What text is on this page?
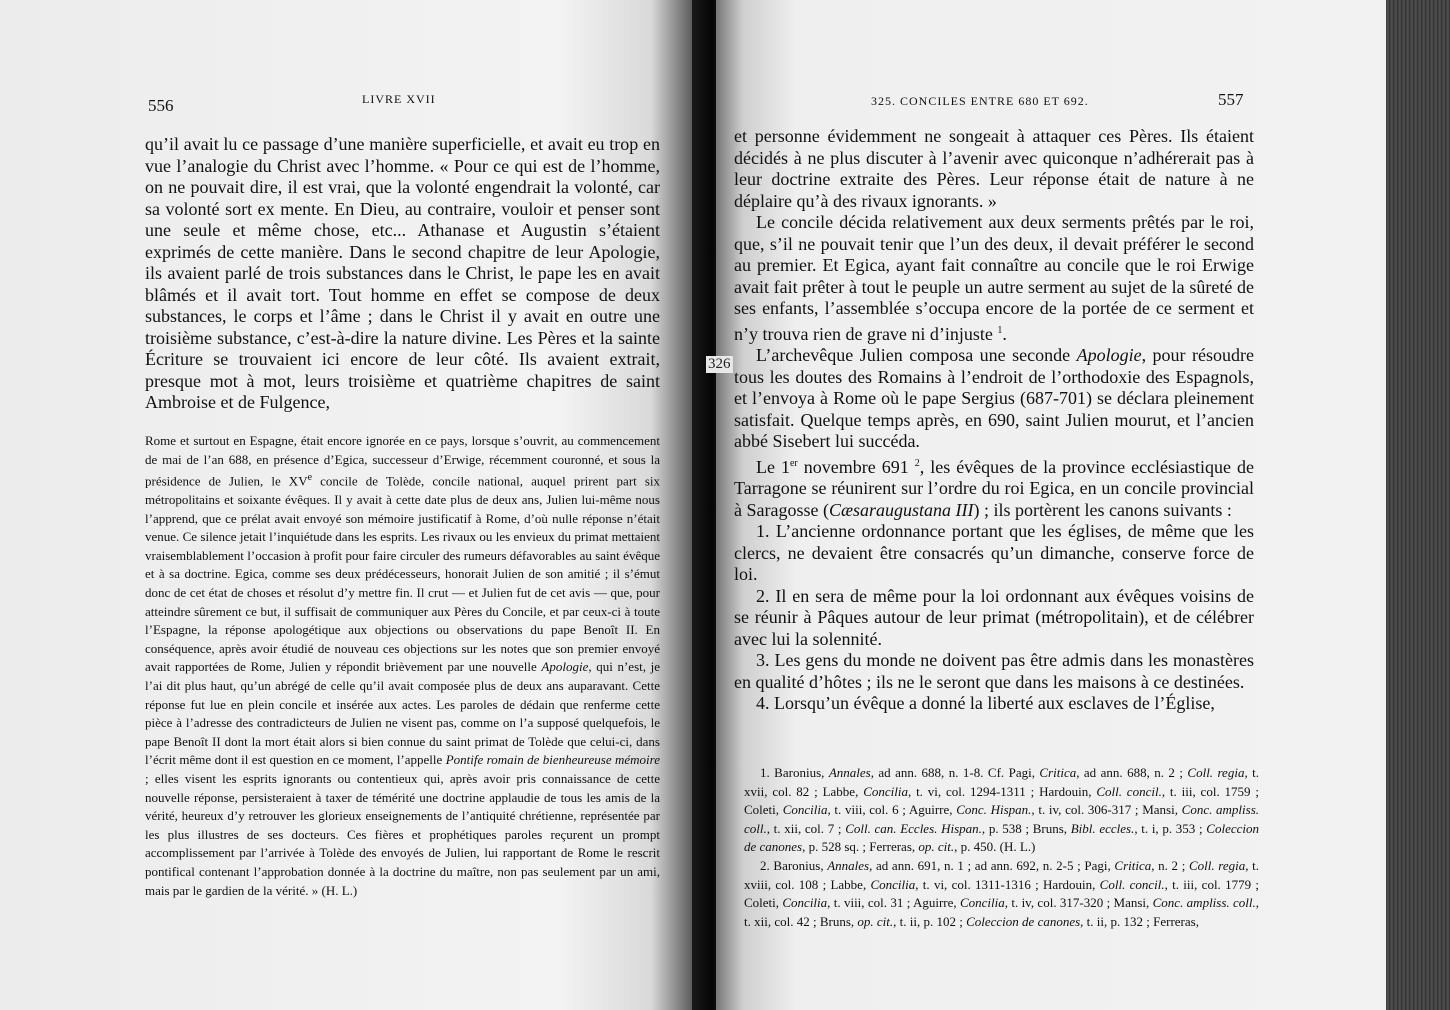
556	LIVRE XVII

qu’il avait lu ce passage d’une manière superficielle, et avait eu trop en vue l’analogie du Christ avec l’homme. « Pour ce qui est de l’homme, on ne pouvait dire, il est vrai, que la volonté engendrait la volonté, car sa volonté sort ex mente. En Dieu, au contraire, vouloir et penser sont une seule et même chose, etc... Athanase et Augustin s’étaient exprimés de cette manière. Dans le second chapitre de leur Apologie, ils avaient parlé de trois substances dans le Christ, le pape les en avait blâmés et il avait tort. Tout homme en effet se compose de deux substances, le corps et l’âme ; dans le Christ il y avait en outre une troisième substance, c’est-à-dire la nature divine. Les Pères et la sainte Écriture se trouvaient ici encore de leur côté. Ils avaient extrait, presque mot à mot, leurs troisième et quatrième chapitres de saint Ambroise et de Fulgence,

Rome et surtout en Espagne, était encore ignorée en ce pays, lorsque s’ouvrit, au commencement de mai de l’an 688, en présence d’Egica, successeur d’Erwige, récemment couronné, et sous la présidence de Julien, le XVe concile de Tolède, concile national, auquel prirent part six métropolitains et soixante évêques. Il y avait à cette date plus de deux ans, Julien lui-même nous l’apprend, que ce prélat avait envoyé son mémoire justificatif à Rome, d’où nulle réponse n’était venue. Ce silence jetait l’inquiétude dans les esprits. Les rivaux ou les envieux du primat mettaient vraisemblablement l’occasion à profit pour faire circuler des rumeurs défavorables au saint évêque et à sa doctrine. Egica, comme ses deux prédécesseurs, honorait Julien de son amitié ; il s’émut donc de cet état de choses et résolut d’y mettre fin. Il crut — et Julien fut de cet avis — que, pour atteindre sûrement ce but, il suffisait de communiquer aux Pères du Concile, et par ceux-ci à toute l’Espagne, la réponse apologétique aux objections ou observations du pape Benoît II. En conséquence, après avoir étudié de nouveau ces objections sur les notes que son premier envoyé avait rapportées de Rome, Julien y répondit brièvement par une nouvelle Apologie, qui n’est, je l’ai dit plus haut, qu’un abrégé de celle qu’il avait composée plus de deux ans auparavant. Cette réponse fut lue en plein concile et insérée aux actes. Les paroles de dédain que renferme cette pièce à l’adresse des contradicteurs de Julien ne visent pas, comme on l’a supposé quelquefois, le pape Benoît II dont la mort était alors si bien connue du saint primat de Tolède que celui-ci, dans l’écrit même dont il est question en ce moment, l’appelle Pontife romain de bienheureuse mémoire ; elles visent les esprits ignorants ou contentieux qui, après avoir pris connaissance de cette nouvelle réponse, persisteraient à taxer de témérité une doctrine applaudie de tous les amis de la vérité, heureux d’y retrouver les glorieux enseignements de l’antiquité chrétienne, représentée par les plus illustres de ses docteurs. Ces fières et prophétiques paroles reçurent un prompt accomplissement par l’arrivée à Tolède des envoyés de Julien, lui rapportant de Rome le rescrit pontifical contenant l’approbation donnée à la doctrine du maître, non pas seulement par un ami, mais par le gardien de la vérité. » (H. L.)

325. CONCILES ENTRE 680 ET 692.	557

et personne évidemment ne songeait à attaquer ces Pères. Ils étaient décidés à ne plus discuter à l’avenir avec quiconque n’adhérerait pas à leur doctrine extraite des Pères. Leur réponse était de nature à ne déplaire qu’à des rivaux ignorants. »

Le concile décida relativement aux deux serments prêtés par le roi, que, s’il ne pouvait tenir que l’un des deux, il devait préférer le second au premier. Et Egica, ayant fait connaître au concile que le roi Erwige avait fait prêter à tout le peuple un autre serment au sujet de la sûreté de ses enfants, l’assemblée s’occupa encore de la portée de ce serment et n’y trouva rien de grave ni d’injuste $^1$.

L’archevêque Julien composa une seconde Apologie, pour résoudre tous les doutes des Romains à l’endroit de l’orthodoxie des Espagnols, et l’envoya à Rome où le pape Sergius (687-701) se déclara pleinement satisfait. Quelque temps après, en 690, saint Julien mourut, et l’ancien abbé Sisebert lui succéda.

Le 1er novembre 691 $^2$, les évêques de la province ecclésiastique de Tarragone se réunirent sur l’ordre du roi Egica, en un concile provincial à Saragosse (Cæsaraugustana III) ; ils portèrent les canons suivants :

1. L’ancienne ordonnance portant que les églises, de même que les clercs, ne devaient être consacrés qu’un dimanche, conserve force de loi.

2. Il en sera de même pour la loi ordonnant aux évêques voisins de se réunir à Pâques autour de leur primat (métropolitain), et de célébrer avec lui la solennité.

3. Les gens du monde ne doivent pas être admis dans les monastères en qualité d’hôtes ; ils ne le seront que dans les maisons à ce destinées.

4. Lorsqu’un évêque a donné la liberté aux esclaves de l’Église,

1. Baronius, Annales, ad ann. 688, n. 1-8. Cf. Pagi, Critica, ad ann. 688, n. 2 ; Coll. regia, t. xvii, col. 82 ; Labbe, Concilia, t. vi, col. 1294-1311 ; Hardouin, Coll. concil., t. iii, col. 1759 ; Coleti, Concilia, t. viii, col. 6 ; Aguirre, Conc. Hispan., t. iv, col. 306-317 ; Mansi, Conc. ampliss. coll., t. xii, col. 7 ; Coll. can. Eccles. Hispan., p. 538 ; Bruns, Bibl. eccles., t. i, p. 353 ; Coleccion de canones, p. 528 sq. ; Ferreras, op. cit., p. 450. (H. L.)

2. Baronius, Annales, ad ann. 691, n. 1 ; ad ann. 692, n. 2-5 ; Pagi, Critica, n. 2 ; Coll. regia, t. xviii, col. 108 ; Labbe, Concilia, t. vi, col. 1311-1316 ; Hardouin, Coll. concil., t. iii, col. 1779 ; Coleti, Concilia, t. viii, col. 31 ; Aguirre, Concilia, t. iv, col. 317-320 ; Mansi, Conc. ampliss. coll., t. xii, col. 42 ; Bruns, op. cit., t. ii, p. 102 ; Coleccion de canones, t. ii, p. 132 ; Ferreras,

326
